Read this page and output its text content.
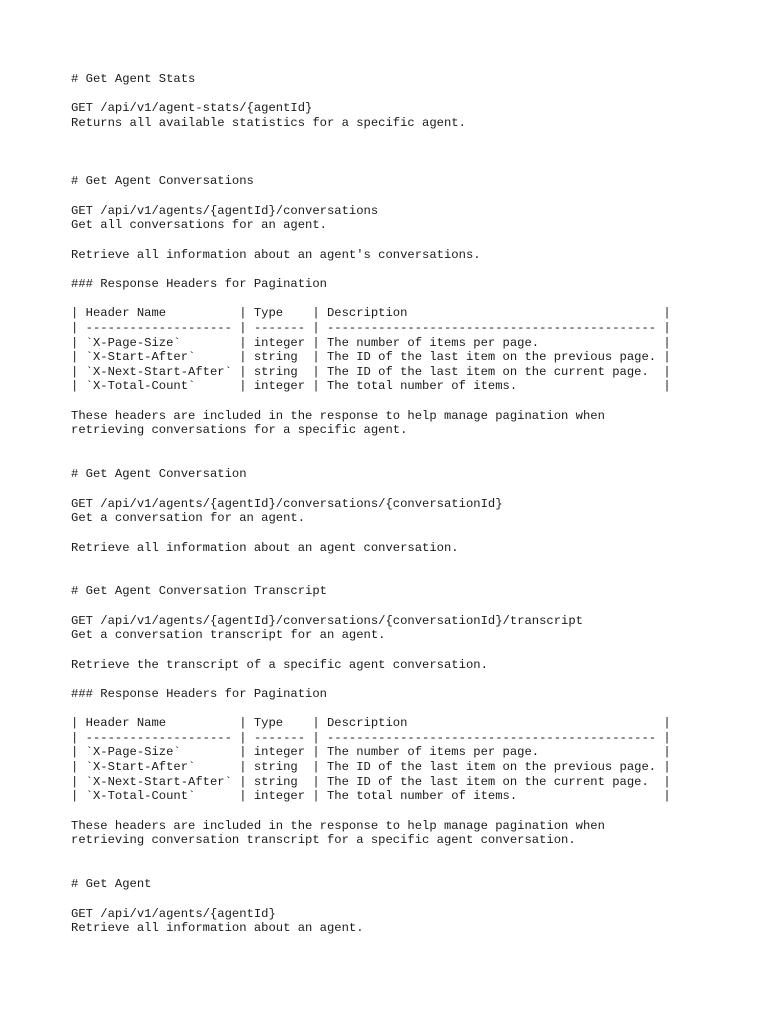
# Get Agent Stats
GET /api/v1/agent-stats/{agentId}
Returns all available statistics for a specific agent.
# Get Agent Conversations
GET /api/v1/agents/{agentId}/conversations
Get all conversations for an agent.
Retrieve all information about an agent's conversations.
### Response Headers for Pagination
| Header Name          | Type    | Description                                   |
| -------------------- | ------- | --------------------------------------------- |
| `X-Page-Size`        | integer | The number of items per page.                 |
| `X-Start-After`      | string  | The ID of the last item on the previous page. |
| `X-Next-Start-After` | string  | The ID of the last item on the current page.  |
| `X-Total-Count`      | integer | The total number of items.                    |
These headers are included in the response to help manage pagination when
retrieving conversations for a specific agent.
# Get Agent Conversation
GET /api/v1/agents/{agentId}/conversations/{conversationId}
Get a conversation for an agent.
Retrieve all information about an agent conversation.
# Get Agent Conversation Transcript
GET /api/v1/agents/{agentId}/conversations/{conversationId}/transcript
Get a conversation transcript for an agent.
Retrieve the transcript of a specific agent conversation.
### Response Headers for Pagination
| Header Name          | Type    | Description                                   |
| -------------------- | ------- | --------------------------------------------- |
| `X-Page-Size`        | integer | The number of items per page.                 |
| `X-Start-After`      | string  | The ID of the last item on the previous page. |
| `X-Next-Start-After` | string  | The ID of the last item on the current page.  |
| `X-Total-Count`      | integer | The total number of items.                    |
These headers are included in the response to help manage pagination when
retrieving conversation transcript for a specific agent conversation.
# Get Agent
GET /api/v1/agents/{agentId}
Retrieve all information about an agent.
